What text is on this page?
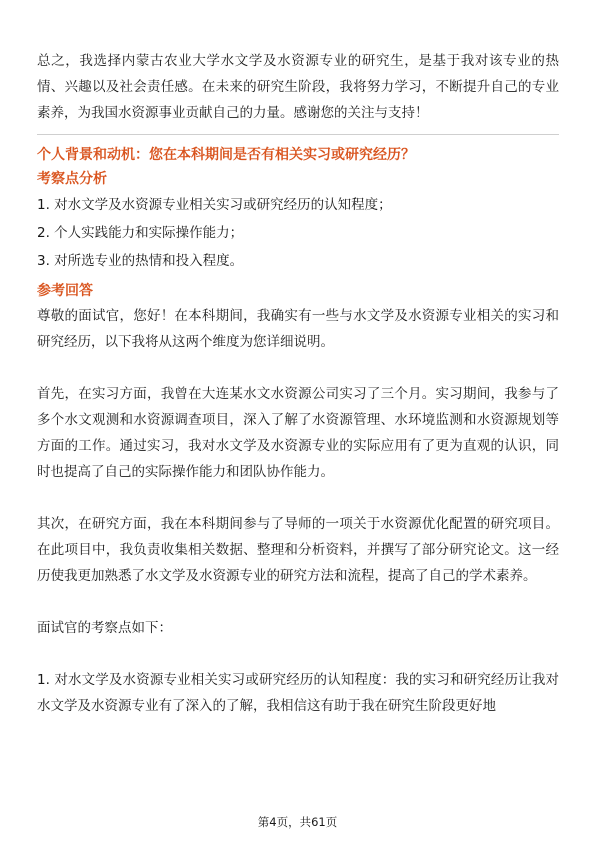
总之，我选择内蒙古农业大学水文学及水资源专业的研究生，是基于我对该专业的热情、兴趣以及社会责任感。在未来的研究生阶段，我将努力学习，不断提升自己的专业素养，为我国水资源事业贡献自己的力量。感谢您的关注与支持！

个人背景和动机：您在本科期间是否有相关实习或研究经历？
考察点分析

1. 对水文学及水资源专业相关实习或研究经历的认知程度；

2. 个人实践能力和实际操作能力；

3. 对所选专业的热情和投入程度。

参考回答

尊敬的面试官，您好！在本科期间，我确实有一些与水文学及水资源专业相关的实习和研究经历，以下我将从这两个维度为您详细说明。

首先，在实习方面，我曾在大连某水文水资源公司实习了三个月。实习期间，我参与了多个水文观测和水资源调查项目，深入了解了水资源管理、水环境监测和水资源规划等方面的工作。通过实习，我对水文学及水资源专业的实际应用有了更为直观的认识，同时也提高了自己的实际操作能力和团队协作能力。

其次，在研究方面，我在本科期间参与了导师的一项关于水资源优化配置的研究项目。在此项目中，我负责收集相关数据、整理和分析资料，并撰写了部分研究论文。这一经历使我更加熟悉了水文学及水资源专业的研究方法和流程，提高了自己的学术素养。

面试官的考察点如下：

1. 对水文学及水资源专业相关实习或研究经历的认知程度：我的实习和研究经历让我对水文学及水资源专业有了深入的了解，我相信这有助于我在研究生阶段更好地

第4页，共61页
